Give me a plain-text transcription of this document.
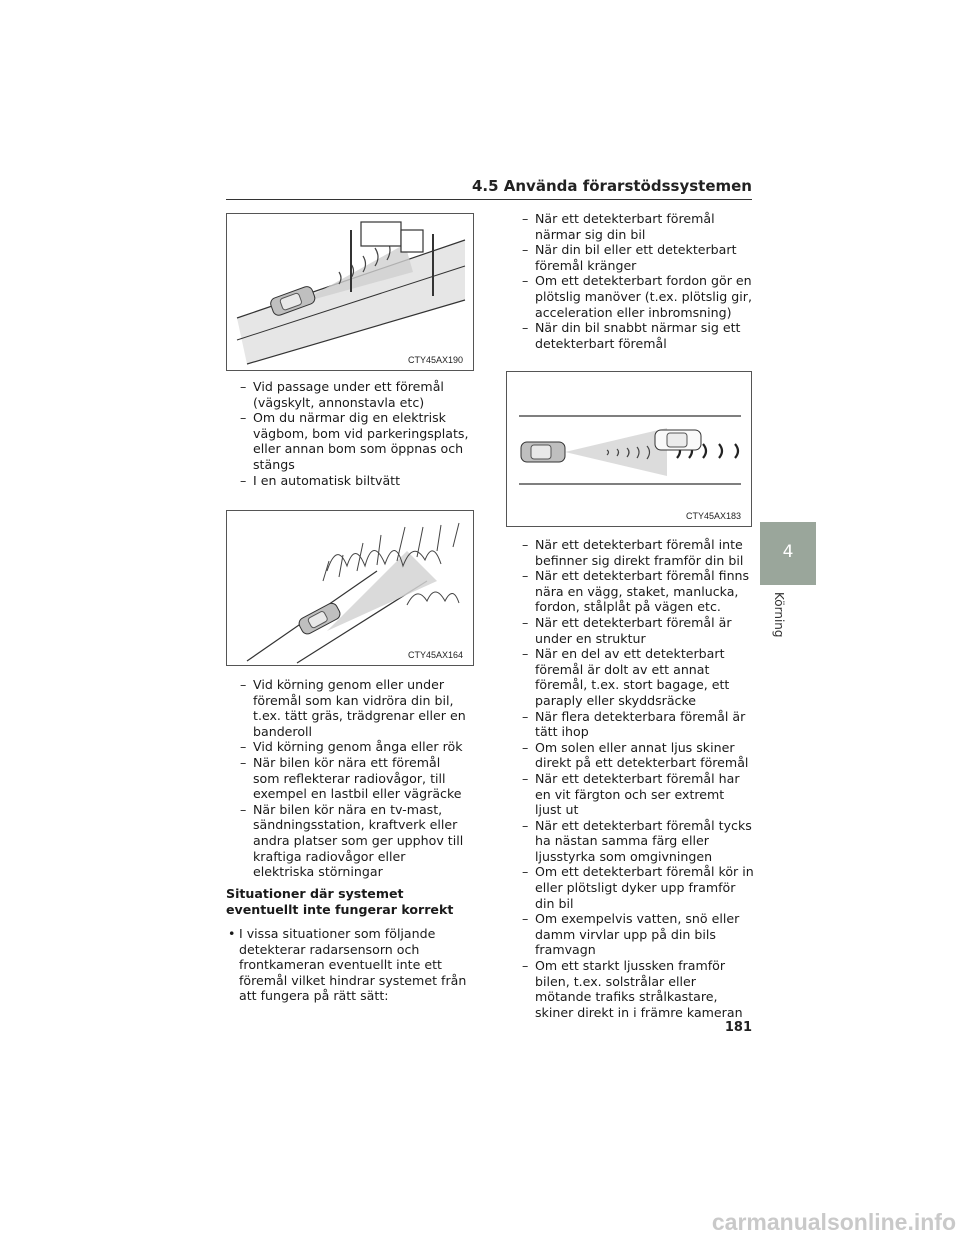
4.5 Använda förarstödssystemen
CTY45AX190
CTY45AX164
CTY45AX183
– Vid passage under ett föremål (vägskylt, annonstavla etc)
– Om du närmar dig en elektrisk vägbom, bom vid parkeringsplats, eller annan bom som öppnas och stängs
– I en automatisk biltvätt
– Vid körning genom eller under föremål som kan vidröra din bil, t.ex. tätt gräs, trädgrenar eller en banderoll
– Vid körning genom ånga eller rök
– När bilen kör nära ett föremål som reflekterar radiovågor, till exempel en lastbil eller vägräcke
– När bilen kör nära en tv-mast, sändningsstation, kraftverk eller andra platser som ger upphov till kraftiga radiovågor eller elektriska störningar

Situationer där systemet eventuellt inte fungerar korrekt

• I vissa situationer som följande detekterar radarsensorn och frontkameran eventuellt inte ett föremål vilket hindrar systemet från att fungera på rätt sätt:
– När ett detekterbart föremål närmar sig din bil
– När din bil eller ett detekterbart föremål kränger
– Om ett detekterbart fordon gör en plötslig manöver (t.ex. plötslig gir, acceleration eller inbromsning)
– När din bil snabbt närmar sig ett detekterbart föremål
– När ett detekterbart föremål inte befinner sig direkt framför din bil
– När ett detekterbart föremål finns nära en vägg, staket, manlucka, fordon, stålplåt på vägen etc.
– När ett detekterbart föremål är under en struktur
– När en del av ett detekterbart föremål är dolt av ett annat föremål, t.ex. stort bagage, ett paraply eller skyddsräcke
– När flera detekterbara föremål är tätt ihop
– Om solen eller annat ljus skiner direkt på ett detekterbart föremål
– När ett detekterbart föremål har en vit färgton och ser extremt ljust ut
– När ett detekterbart föremål tycks ha nästan samma färg eller ljusstyrka som omgivningen
– Om ett detekterbart föremål kör in eller plötsligt dyker upp framför din bil
– Om exempelvis vatten, snö eller damm virvlar upp på din bils framvagn
– Om ett starkt ljussken framför bilen, t.ex. solstrålar eller mötande trafiks strålkastare, skiner direkt in i främre kameran
4
Körning
181
carmanualsonline.info
